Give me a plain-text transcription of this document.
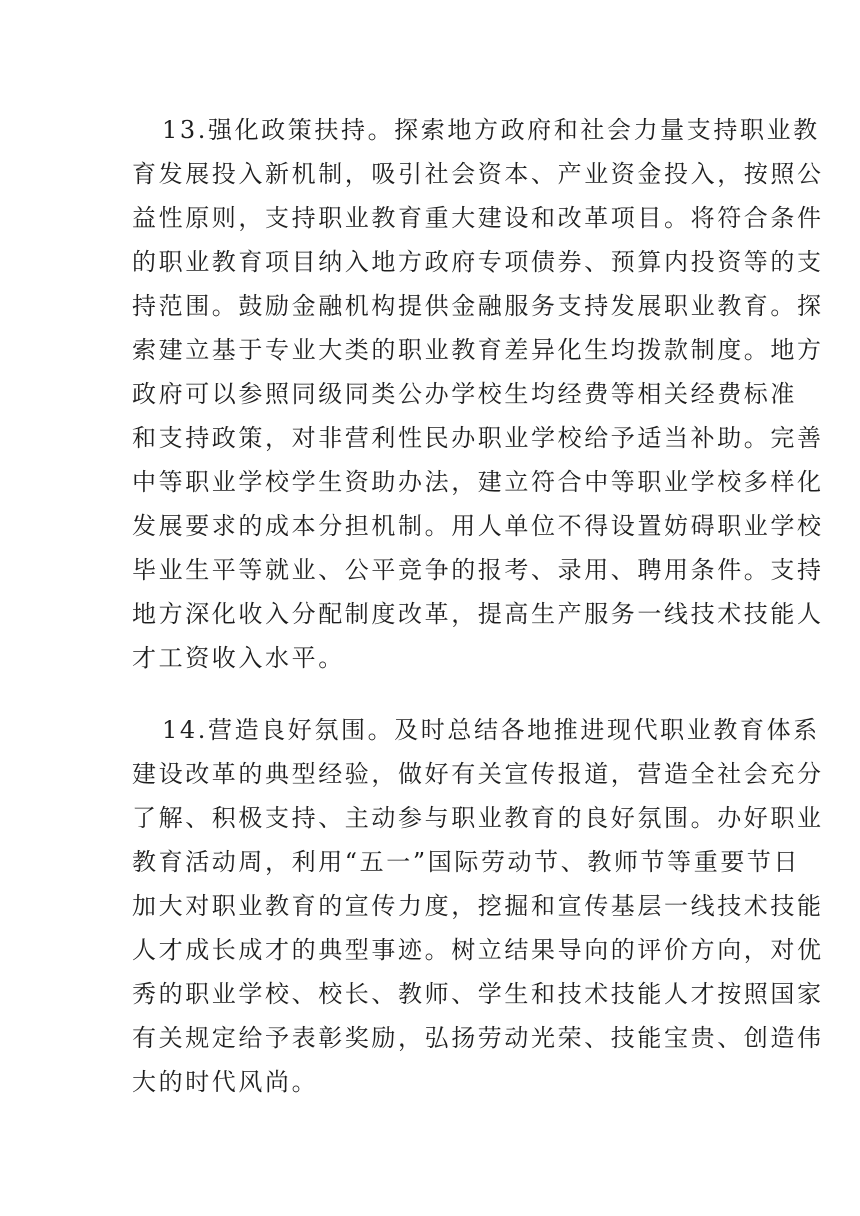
13.强化政策扶持。探索地方政府和社会力量支持职业教

育发展投入新机制，吸引社会资本、产业资金投入，按照公

益性原则，支持职业教育重大建设和改革项目。将符合条件

的职业教育项目纳入地方政府专项债券、预算内投资等的支

持范围。鼓励金融机构提供金融服务支持发展职业教育。探

索建立基于专业大类的职业教育差异化生均拨款制度。地方

政府可以参照同级同类公办学校生均经费等相关经费标准

和支持政策，对非营利性民办职业学校给予适当补助。完善

中等职业学校学生资助办法，建立符合中等职业学校多样化

发展要求的成本分担机制。用人单位不得设置妨碍职业学校

毕业生平等就业、公平竞争的报考、录用、聘用条件。支持

地方深化收入分配制度改革，提高生产服务一线技术技能人

才工资收入水平。

14.营造良好氛围。及时总结各地推进现代职业教育体系

建设改革的典型经验，做好有关宣传报道，营造全社会充分

了解、积极支持、主动参与职业教育的良好氛围。办好职业

教育活动周，利用“五一”国际劳动节、教师节等重要节日

加大对职业教育的宣传力度，挖掘和宣传基层一线技术技能

人才成长成才的典型事迹。树立结果导向的评价方向，对优

秀的职业学校、校长、教师、学生和技术技能人才按照国家

有关规定给予表彰奖励，弘扬劳动光荣、技能宝贵、创造伟

大的时代风尚。
